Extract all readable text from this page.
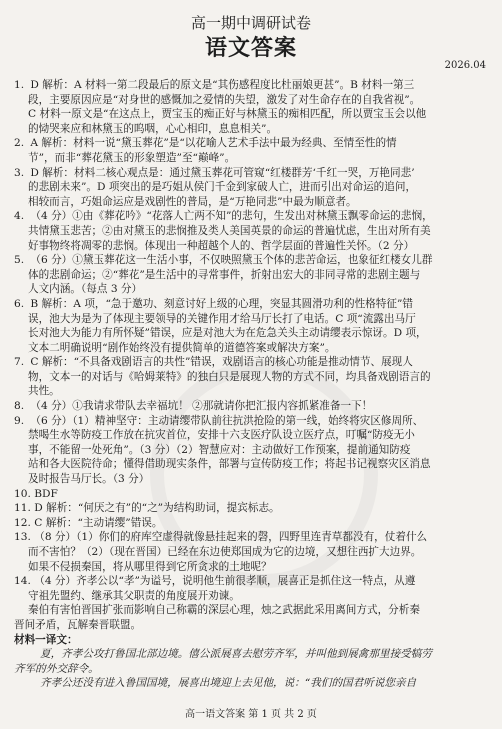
高一期中调研试卷
语文答案
2026.04
1. D 解析：A 材料一第二段最后的原文是“其伤感程度比杜丽娘更甚”。B 材料一第三
段，主要原因应是“对身世的感慨加之爱情的失望，激发了对生命存在的自我省视”。
C 材料一原文是“在这点上，贾宝玉的痴正好与林黛玉的痴相匹配，所以贾宝玉会以他
的恸哭来应和林黛玉的呜咽，心心相印，息息相关”。
2. A 解析：材料一说“黛玉葬花”是“以花喻人艺术手法中最为经典、至情至性的情
节”，而非“葬花黛玉的形象塑造”至“巅峰”。
3. D 解析：材料二核心观点是：通过黛玉葬花可管窥“红楼群芳‘千红一哭，万艳同悲’
的悲剧未来”。D 项突出的是巧姐从侯门千金到家破人亡，进而引出对命运的追问，
相较而言，巧姐命运应是戏剧性的普局，是“万艳同悲”中最为顺意者。
4. （4 分）①由《葬花吟》“花落人亡两不知”的悲句，生发出对林黛玉飘零命运的悲悯，
共情黛玉悲苦；②由对黛玉的悲悯推及类人美国英景的命运的普遍忧虑，生出对所有美
好事物终将凋零的悲悯。体现出一种超越个人的、哲学层面的普遍性关怀。（2 分）
5. （6 分）①黛玉葬花这一生活小事，不仅映照黛玉个体的悲苦命运，也象征红楼女儿群
体的悲剧命运；②“葬花”是生活中的寻常事件，折射出宏大的非同寻常的悲剧主题与
人文内涵。（每点 3 分）
6. B 解析：A 项，“急于邀功、刻意讨好上级的心理，突显其圆滑功利的性格特征”错
误，池大为是为了体现主要领导的关键作用才给马厅长打了电话。C 项“流露出马厅
长对池大为能力有所怀疑”错误，应是对池大为在危急关头主动请缨表示惊讶。D 项，
文本二明确说明“剧作始终没有提供简单的道德答案或解决方案”。
7. C 解析：“不具备戏剧语言的共性”错误，戏剧语言的核心功能是推动情节、展现人
物，文本一的对话与《哈姆莱特》的独白只是展现人物的方式不同，均具备戏剧语言的
共性。
8. （4 分）①我请求带队去幸福坑！ ②那就请你把汇报内容抓紧准备一下！
9. （6 分）（1）精神坚守：主动请缨带队前往抗洪抢险的第一线，始终将灾区修周所、
禁喝生水等防疫工作放在抗灾首位，安排十六支医疗队设立医疗点，叮嘱“防疫无小
事，不能留一处死角”。（3 分）（2）智慧应对：主动做好工作预案，提前通知防疫
站和各大医院待命；懂得借助现实条件，部署与宣传防疫工作；将起书记视察灾区消息
及时报告马厅长。（3 分）
10. BDF
11. D 解析：“何厌之有”的“之”为结构助词，提宾标志。
12. C 解析：“主动请缨”错误。
13. （8 分）（1）你们的府库空虚得就像悬挂起来的磬，四野里连青草都没有，仗着什么
而不害怕？（2）（现在晋国）已经在东边使郑国成为它的边境，又想往西扩大边界。
如果不侵损秦国，将从哪里得到它所贪求的土地呢？
14. （4 分）齐孝公以“孝”为谥号，说明他生前很孝顺，展喜正是抓住这一特点，从遵
守祖先盟约、继承其父职责的角度展开劝谏。
秦伯有害怕晋国扩张而影响自己称霸的深层心理，烛之武据此采用离间方式，分析秦
晋间矛盾，瓦解秦晋联盟。
材料一译文：
夏，齐孝公攻打鲁国北部边境。僖公派展喜去慰劳齐军，并叫他到展禽那里接受犒劳
齐军的外交辞令。
齐孝公还没有进入鲁国国境，展喜出境迎上去见他，说：“我们的国君听说您亲自
高一语文答案 第 1 页 共 2 页
